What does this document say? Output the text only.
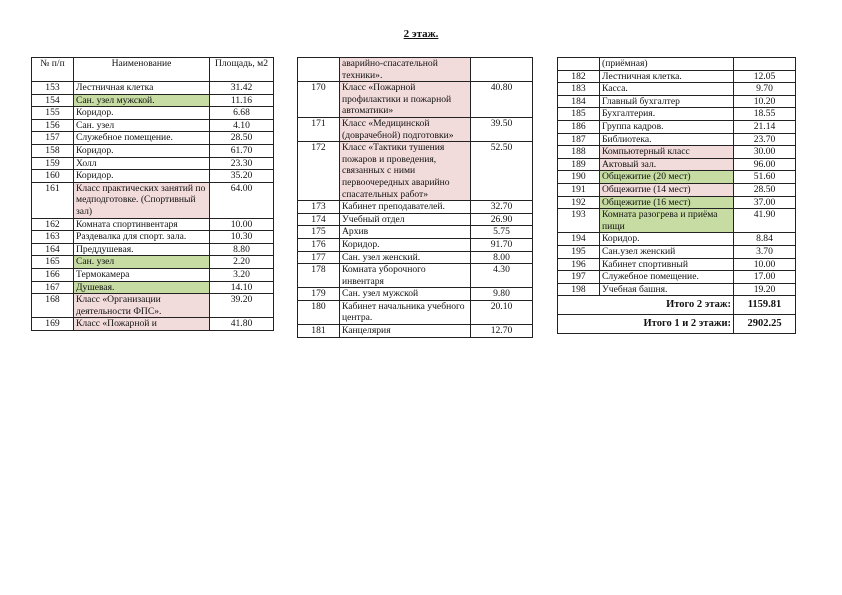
2 этаж.
№ п/п	Наименование	Площадь, м2
153	Лестничная клетка	31.42
154	Сан. узел мужской.	11.16
155	Коридор.	6.68
156	Сан. узел	4.10
157	Служебное помещение.	28.50
158	Коридор.	61.70
159	Холл	23.30
160	Коридор.	35.20
161	Класс практических занятий по медподготовке. (Спортивный зал)	64.00
162	Комната спортинвентаря	10.00
163	Раздевалка для спорт. зала.	10.30
164	Преддушевая.	8.80
165	Сан. узел	2.20
166	Термокамера	3.20
167	Душевая.	14.10
168	Класс «Организации деятельности ФПС».	39.20
169	Класс «Пожарной и	41.80
	аварийно-спасательной техники».	
170	Класс «Пожарной профилактики и пожарной автоматики»	40.80
171	Класс «Медицинской (доврачебной) подготовки»	39.50
172	Класс «Тактики тушения пожаров и проведения, связанных с ними первоочередных аварийно спасательных работ»	52.50
173	Кабинет преподавателей.	32.70
174	Учебный отдел	26.90
175	Архив	5.75
176	Коридор.	91.70
177	Сан. узел женский.	8.00
178	Комната уборочного инвентаря	4.30
179	Сан. узел мужской	9.80
180	Кабинет начальника учебного центра.	20.10
181	Канцелярия	12.70
	(приёмная)	
182	Лестничная клетка.	12.05
183	Касса.	9.70
184	Главный бухгалтер	10.20
185	Бухгалтерия.	18.55
186	Группа кадров.	21.14
187	Библиотека.	23.70
188	Компьютерный класс	30.00
189	Актовый зал.	96.00
190	Общежитие (20 мест)	51.60
191	Общежитие (14 мест)	28.50
192	Общежитие (16 мест)	37.00
193	Комната разогрева и приёма пищи	41.90
194	Коридор.	8.84
195	Сан.узел женский	3.70
196	Кабинет спортивный	10.00
197	Служебное помещение.	17.00
198	Учебная башня.	19.20
Итого 2 этаж:		1159.81
Итого 1 и 2 этажи:		2902.25
